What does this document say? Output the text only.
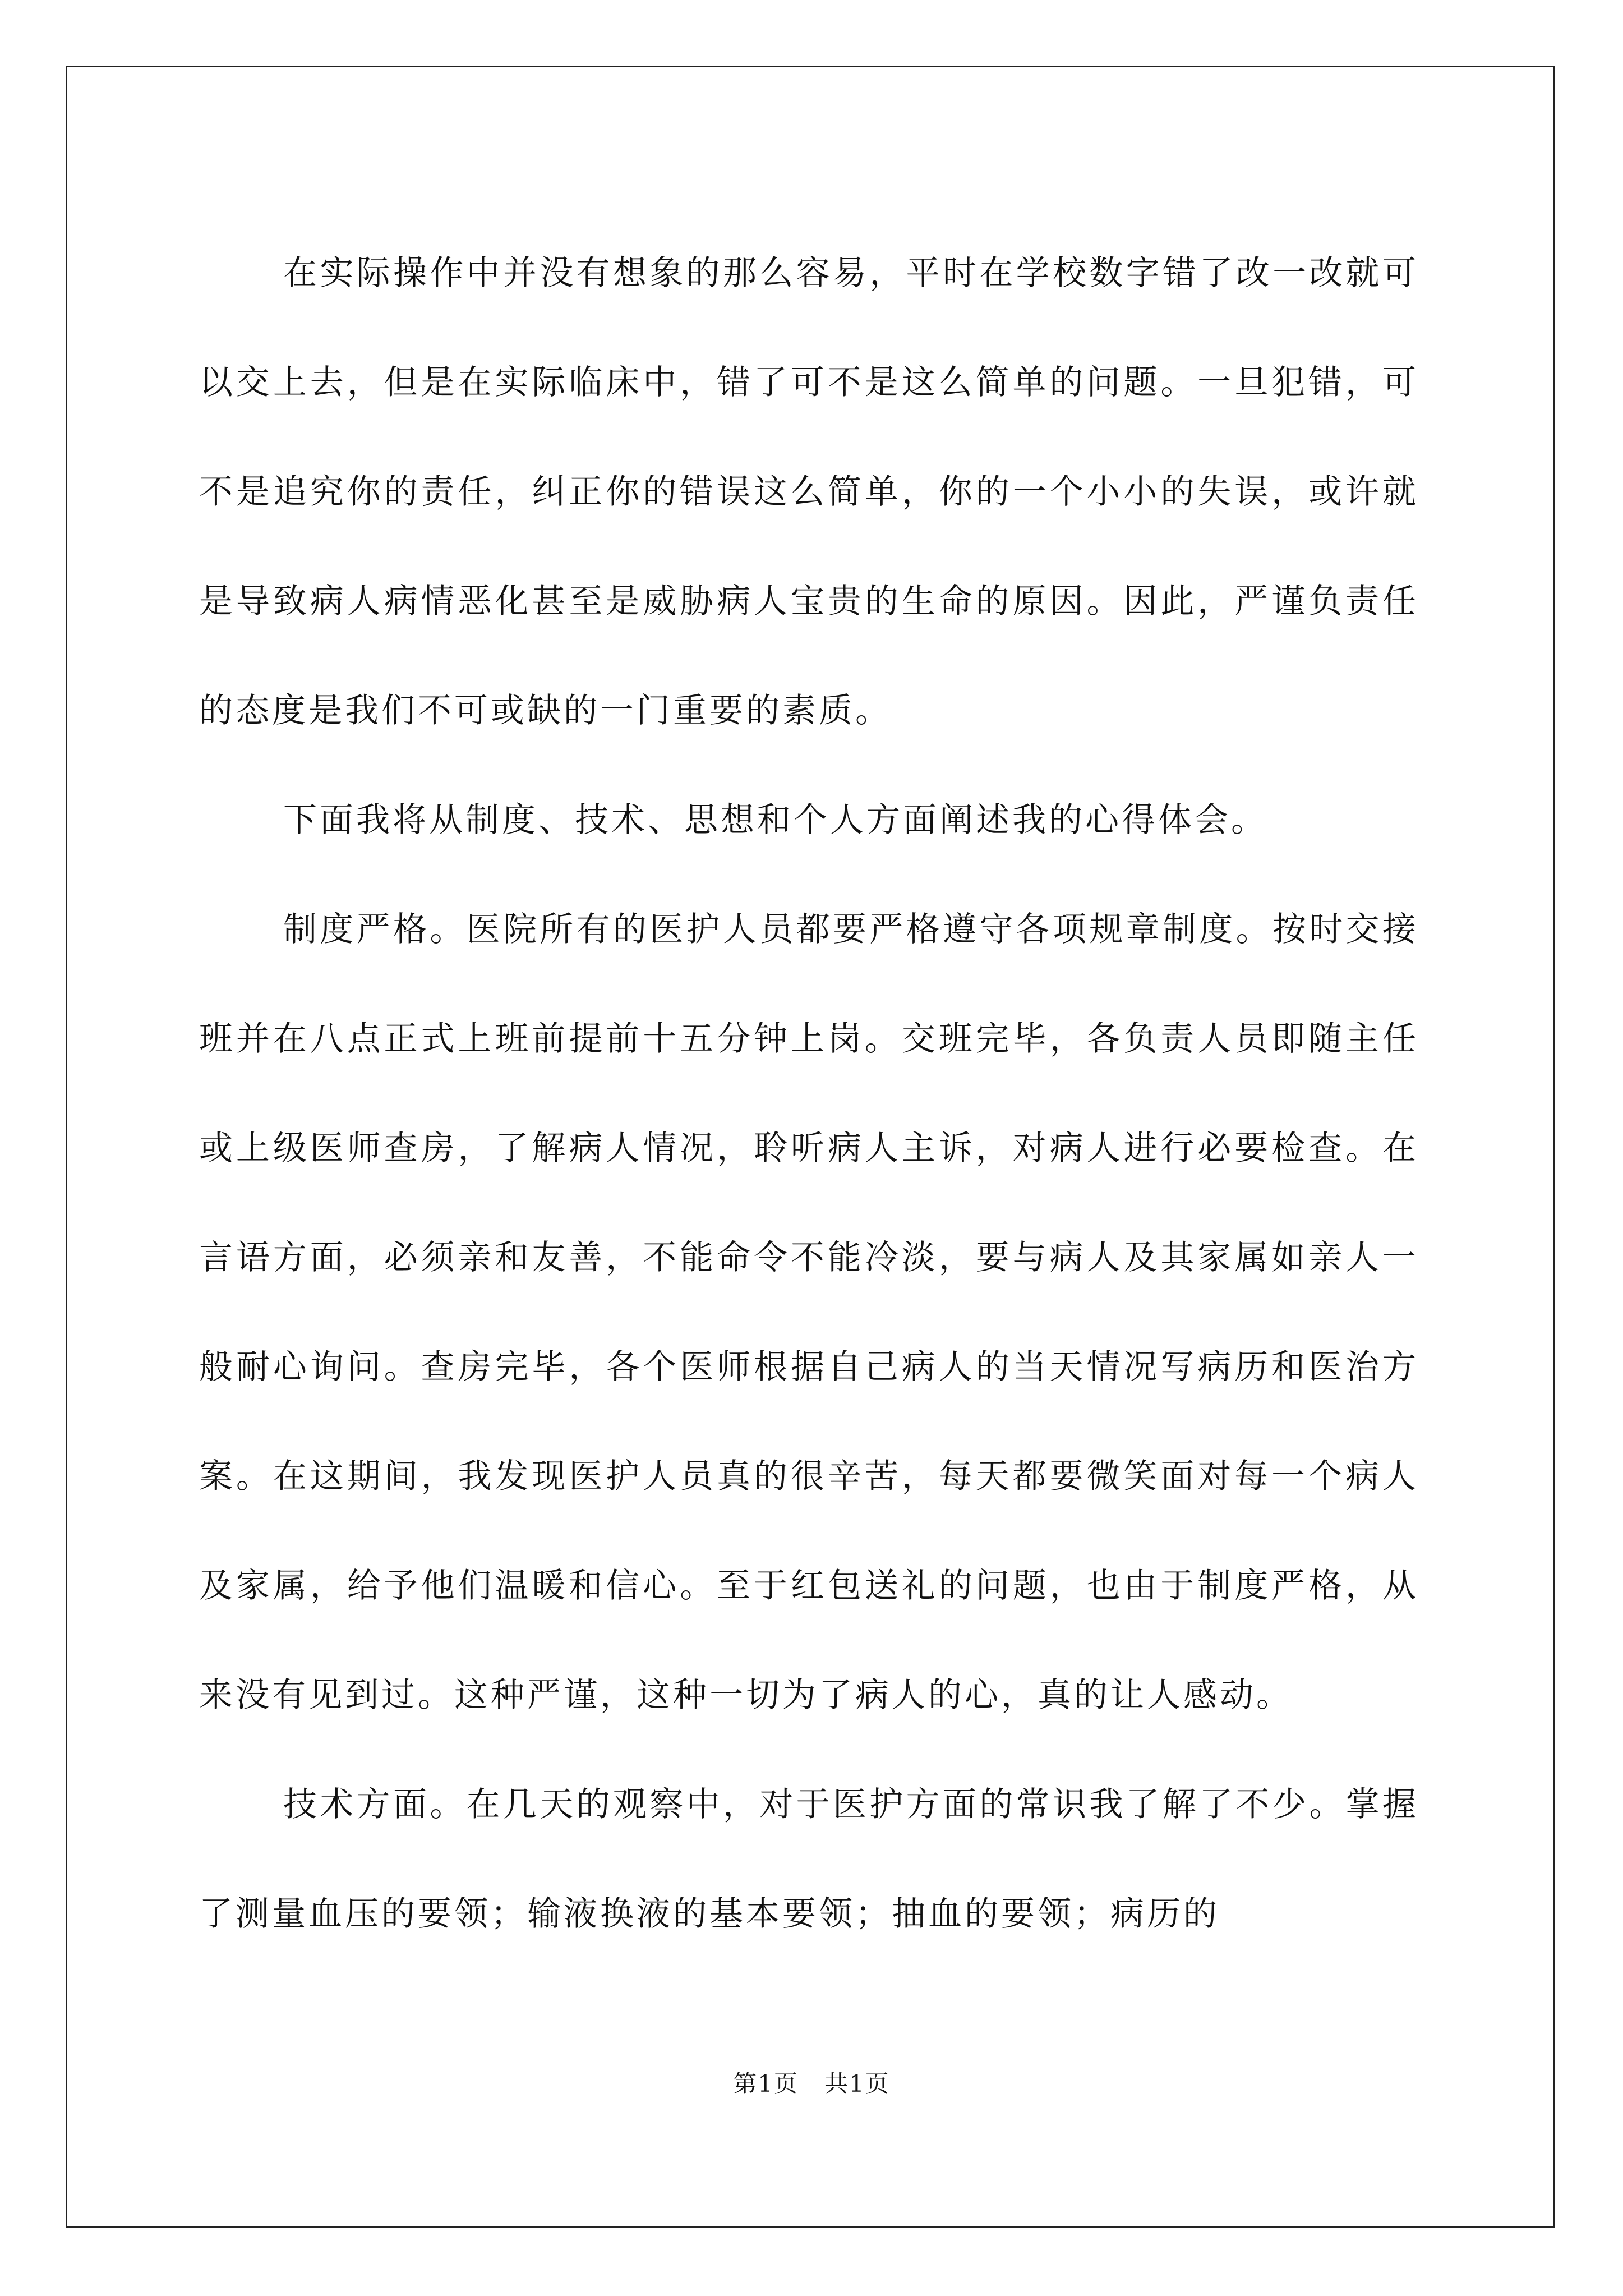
在实际操作中并没有想象的那么容易，平时在学校数字错了改一改就可以交上去，但是在实际临床中，错了可不是这么简单的问题。一旦犯错，可不是追究你的责任，纠正你的错误这么简单，你的一个小小的失误，或许就是导致病人病情恶化甚至是威胁病人宝贵的生命的原因。因此，严谨负责任的态度是我们不可或缺的一门重要的素质。

下面我将从制度、技术、思想和个人方面阐述我的心得体会。

制度严格。医院所有的医护人员都要严格遵守各项规章制度。按时交接班并在八点正式上班前提前十五分钟上岗。交班完毕，各负责人员即随主任或上级医师查房，了解病人情况，聆听病人主诉，对病人进行必要检查。在言语方面，必须亲和友善，不能命令不能冷淡，要与病人及其家属如亲人一般耐心询问。查房完毕，各个医师根据自己病人的当天情况写病历和医治方案。在这期间，我发现医护人员真的很辛苦，每天都要微笑面对每一个病人及家属，给予他们温暖和信心。至于红包送礼的问题，也由于制度严格，从来没有见到过。这种严谨，这种一切为了病人的心，真的让人感动。

技术方面。在几天的观察中，对于医护方面的常识我了解了不少。掌握了测量血压的要领；输液换液的基本要领；抽血的要领；病历的

第1页 共1页
